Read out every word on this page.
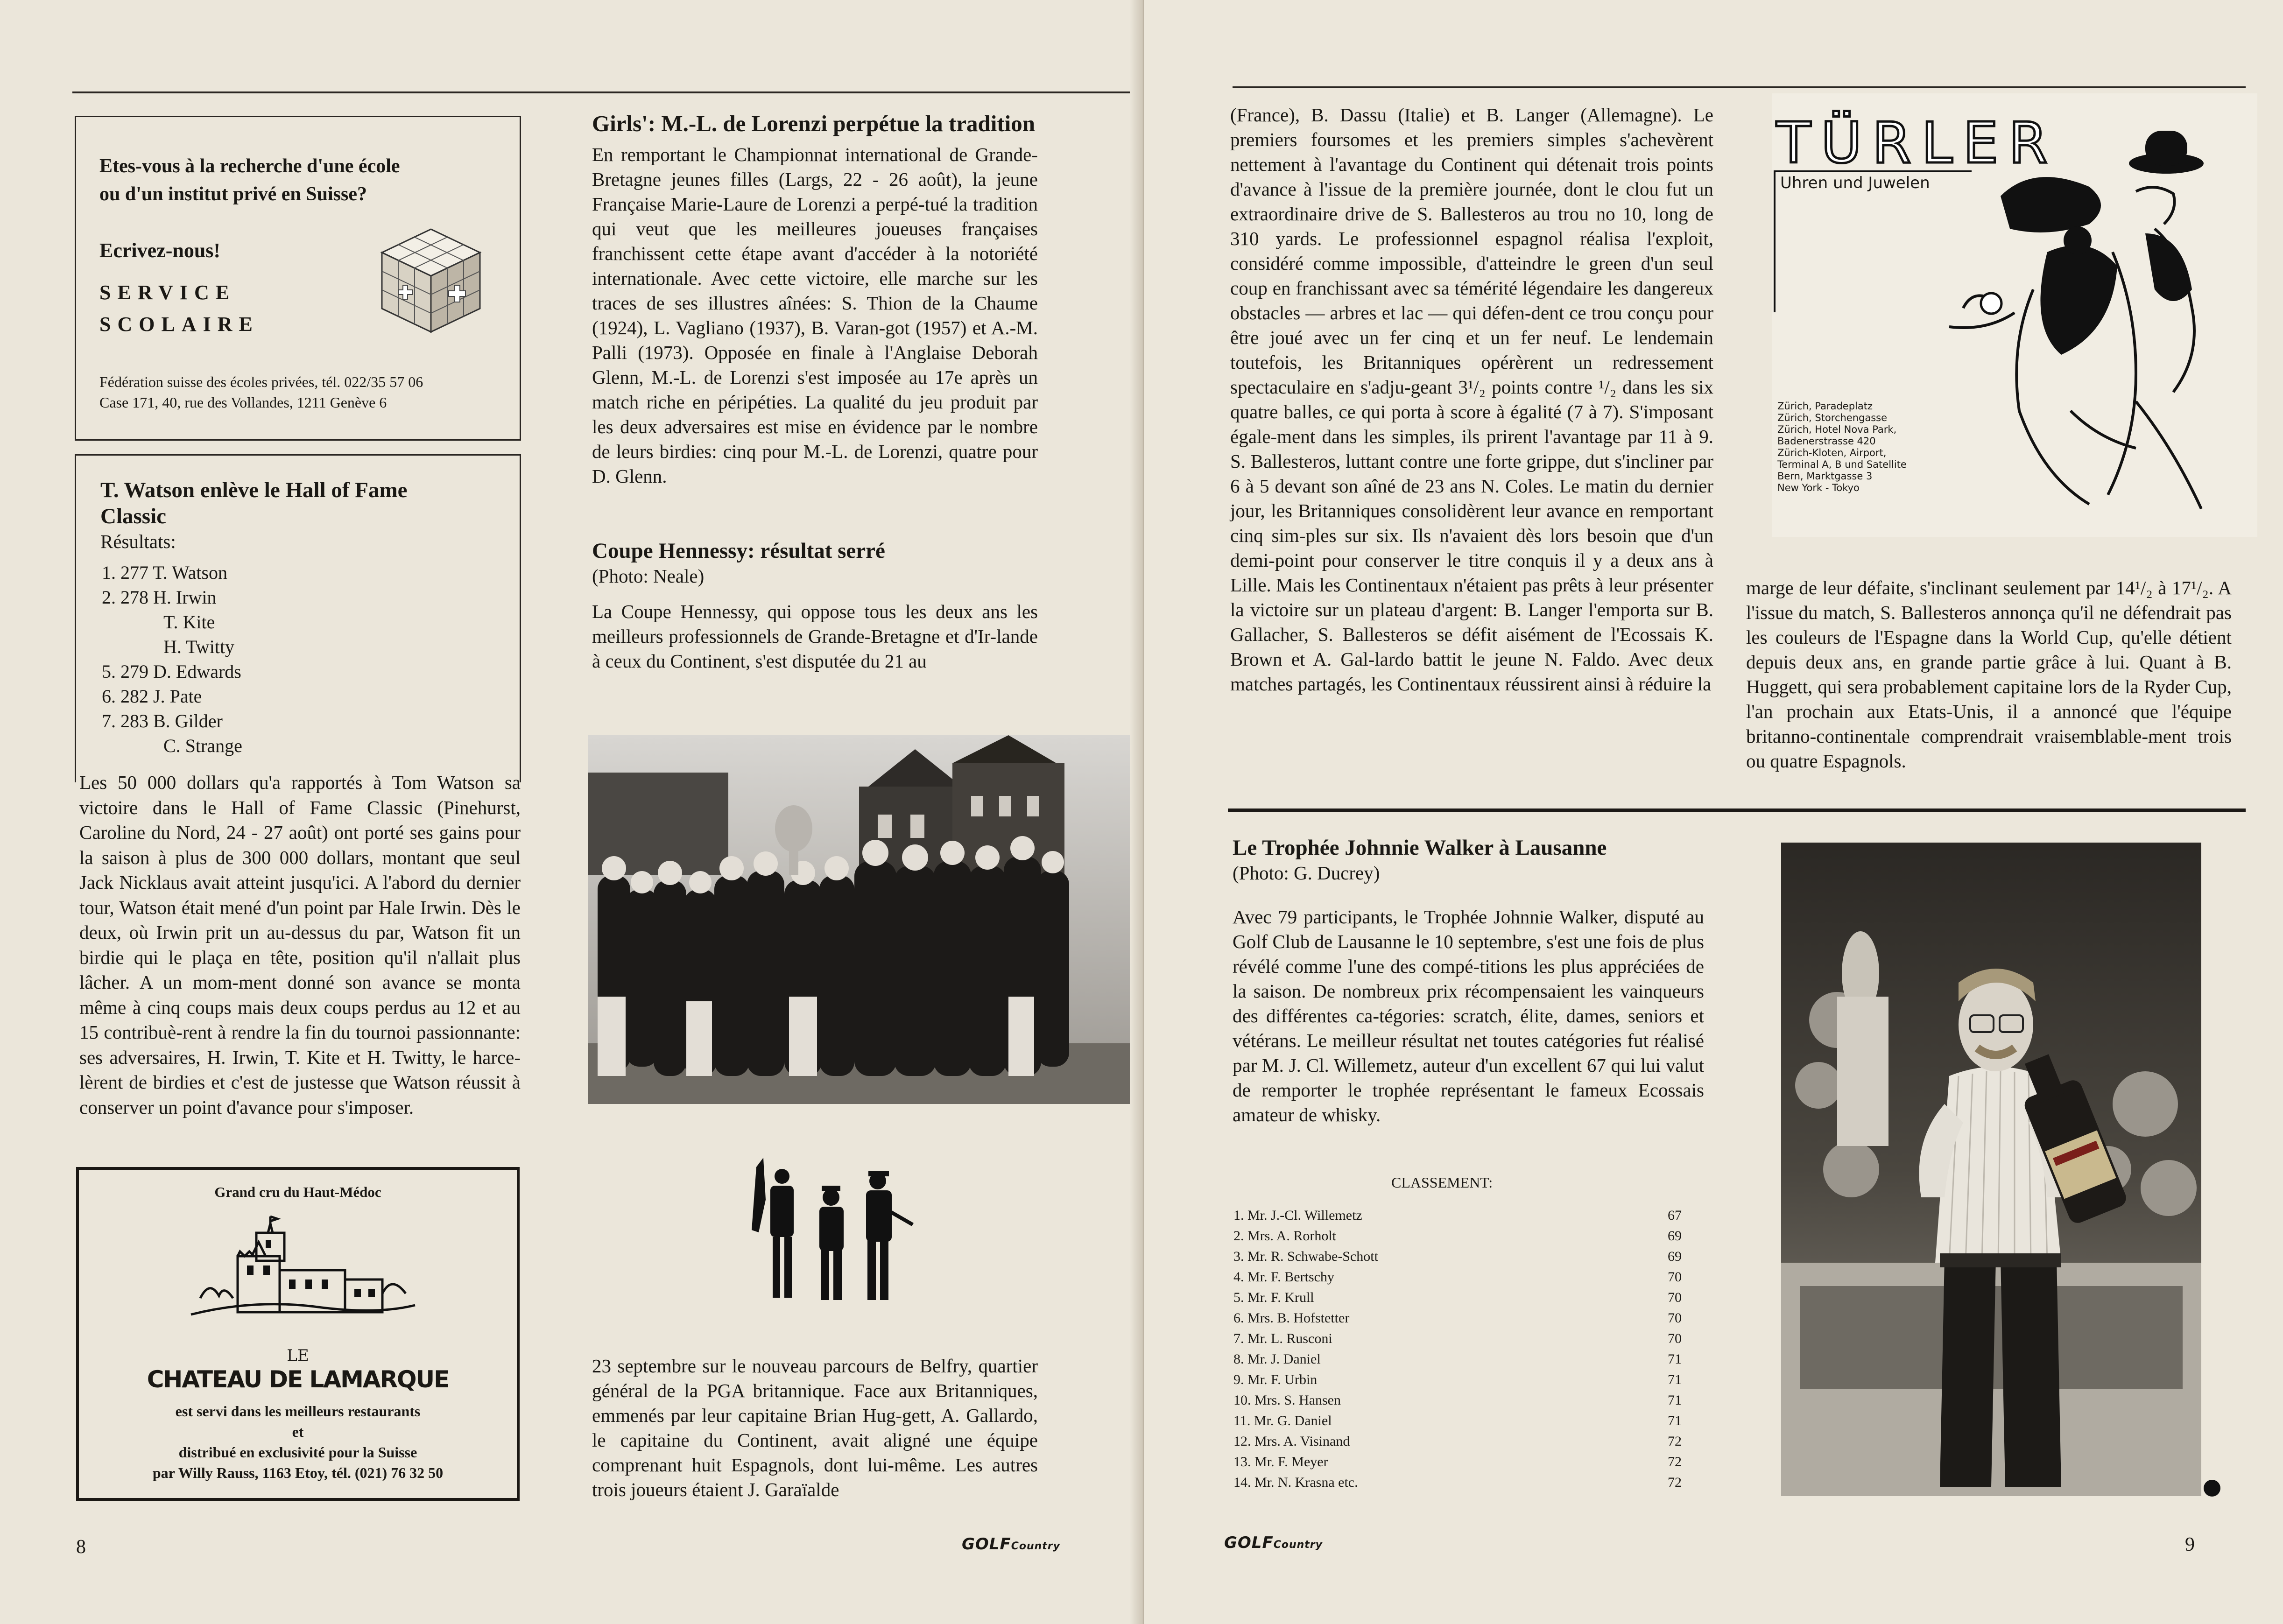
Etes-vous à la recherche d'une école
ou d'un institut privé en Suisse?
Ecrivez-nous!
SERVICE
SCOLAIRE
Fédération suisse des écoles privées, tél. 022/35 57 06
Case 171, 40, rue des Vollandes, 1211 Genève 6

T. Watson enlève le Hall of Fame Classic

Résultats:

1. 277 T. Watson
2. 278 H. Irwin
T. Kite
H. Twitty
5. 279 D. Edwards
6. 282 J. Pate
7. 283 B. Gilder
C. Strange

Les 50 000 dollars qu'a rapportés à Tom Watson sa victoire dans le Hall of Fame Classic (Pinehurst, Caroline du Nord, 24 - 27 août) ont porté ses gains pour la saison à plus de 300 000 dollars, montant que seul Jack Nicklaus avait atteint jusqu'ici. A l'abord du dernier tour, Watson était mené d'un point par Hale Irwin. Dès le deux, où Irwin prit un au-dessus du par, Watson fit un birdie qui le plaça en tête, position qu'il n'allait plus lâcher. A un mom-ment donné son avance se monta même à cinq coups mais deux coups perdus au 12 et au 15 contribuè-rent à rendre la fin du tournoi passionnante: ses adversaires, H. Irwin, T. Kite et H. Twitty, le harce-lèrent de birdies et c'est de justesse que Watson réussit à conserver un point d'avance pour s'imposer.

Grand cru du Haut-Médoc
LE
CHATEAU DE LAMARQUE
est servi dans les meilleurs restaurants
et
distribué en exclusivité pour la Suisse
par Willy Rauss, 1163 Etoy, tél. (021) 76 32 50

Girls': M.-L. de Lorenzi perpétue la tradition

En remportant le Championnat international de Grande-Bretagne jeunes filles (Largs, 22 - 26 août), la jeune Française Marie-Laure de Lorenzi a perpé-tué la tradition qui veut que les meilleures joueuses françaises franchissent cette étape avant d'accéder à la notoriété internationale. Avec cette victoire, elle marche sur les traces de ses illustres aînées: S. Thion de la Chaume (1924), L. Vagliano (1937), B. Varan-got (1957) et A.-M. Palli (1973). Opposée en finale à l'Anglaise Deborah Glenn, M.-L. de Lorenzi s'est imposée au 17e après un match riche en péripéties. La qualité du jeu produit par les deux adversaires est mise en évidence par le nombre de leurs birdies: cinq pour M.-L. de Lorenzi, quatre pour D. Glenn.

Coupe Hennessy: résultat serré

(Photo: Neale)

La Coupe Hennessy, qui oppose tous les deux ans les meilleurs professionnels de Grande-Bretagne et d'Ir-lande à ceux du Continent, s'est disputée du 21 au

23 septembre sur le nouveau parcours de Belfry, quartier général de la PGA britannique. Face aux Britanniques, emmenés par leur capitaine Brian Hug-gett, A. Gallardo, le capitaine du Continent, avait aligné une équipe comprenant huit Espagnols, dont lui-même. Les autres trois joueurs étaient J. Garaïalde

8	GOLFCountry

(France), B. Dassu (Italie) et B. Langer (Allemagne). Le premiers foursomes et les premiers simples s'achevèrent nettement à l'avantage du Continent qui détenait trois points d'avance à l'issue de la première journée, dont le clou fut un extraordinaire drive de S. Ballesteros au trou no 10, long de 310 yards. Le professionnel espagnol réalisa l'exploit, considéré comme impossible, d'atteindre le green d'un seul coup en franchissant avec sa témérité légendaire les dangereux obstacles — arbres et lac — qui défen-dent ce trou conçu pour être joué avec un fer cinq et un fer neuf. Le lendemain toutefois, les Britanniques opérèrent un redressement spectaculaire en s'adju-geant 3¹/₂ points contre ¹/₂ dans les six quatre balles, ce qui porta à score à égalité (7 à 7). S'imposant égale-ment dans les simples, ils prirent l'avantage par 11 à 9. S. Ballesteros, luttant contre une forte grippe, dut s'incliner par 6 à 5 devant son aîné de 23 ans N. Coles. Le matin du dernier jour, les Britanniques consolidèrent leur avance en remportant cinq sim-ples sur six. Ils n'avaient dès lors besoin que d'un demi-point pour conserver le titre conquis il y a deux ans à Lille. Mais les Continentaux n'étaient pas prêts à leur présenter la victoire sur un plateau d'argent: B. Langer l'emporta sur B. Gallacher, S. Ballesteros se défit aisément de l'Ecossais K. Brown et A. Gal-lardo battit le jeune N. Faldo. Avec deux matches partagés, les Continentaux réussirent ainsi à réduire la

TÜRLER
Uhren und Juwelen
Zürich, Paradeplatz
Zürich, Storchengasse
Zürich, Hotel Nova Park,
Badenerstrasse 420
Zürich-Kloten, Airport,
Terminal A, B und Satellite
Bern, Marktgasse 3
New York - Tokyo

marge de leur défaite, s'inclinant seulement par 14¹/₂ à 17¹/₂. A l'issue du match, S. Ballesteros annonça qu'il ne défendrait pas les couleurs de l'Espagne dans la World Cup, qu'elle détient depuis deux ans, en grande partie grâce à lui. Quant à B. Huggett, qui sera probablement capitaine lors de la Ryder Cup, l'an prochain aux Etats-Unis, il a annoncé que l'équipe britanno-continentale comprendrait vraisemblable-ment trois ou quatre Espagnols.

Le Trophée Johnnie Walker à Lausanne

(Photo: G. Ducrey)

Avec 79 participants, le Trophée Johnnie Walker, disputé au Golf Club de Lausanne le 10 septembre, s'est une fois de plus révélé comme l'une des compé-titions les plus appréciées de la saison. De nombreux prix récompensaient les vainqueurs des différentes ca-tégories: scratch, élite, dames, seniors et vétérans. Le meilleur résultat net toutes catégories fut réalisé par M. J. Cl. Willemetz, auteur d'un excellent 67 qui lui valut de remporter le trophée représentant le fameux Ecossais amateur de whisky.

CLASSEMENT:
1. Mr. J.-Cl. Willemetz	67
2. Mrs. A. Rorholt	69
3. Mr. R. Schwabe-Schott	69
4. Mr. F. Bertschy	70
5. Mr. F. Krull	70
6. Mrs. B. Hofstetter	70
7. Mr. L. Rusconi	70
8. Mr. J. Daniel	71
9. Mr. F. Urbin	71
10. Mrs. S. Hansen	71
11. Mr. G. Daniel	71
12. Mrs. A. Visinand	72
13. Mr. F. Meyer	72
14. Mr. N. Krasna etc.	72
GOLFCountry	9
